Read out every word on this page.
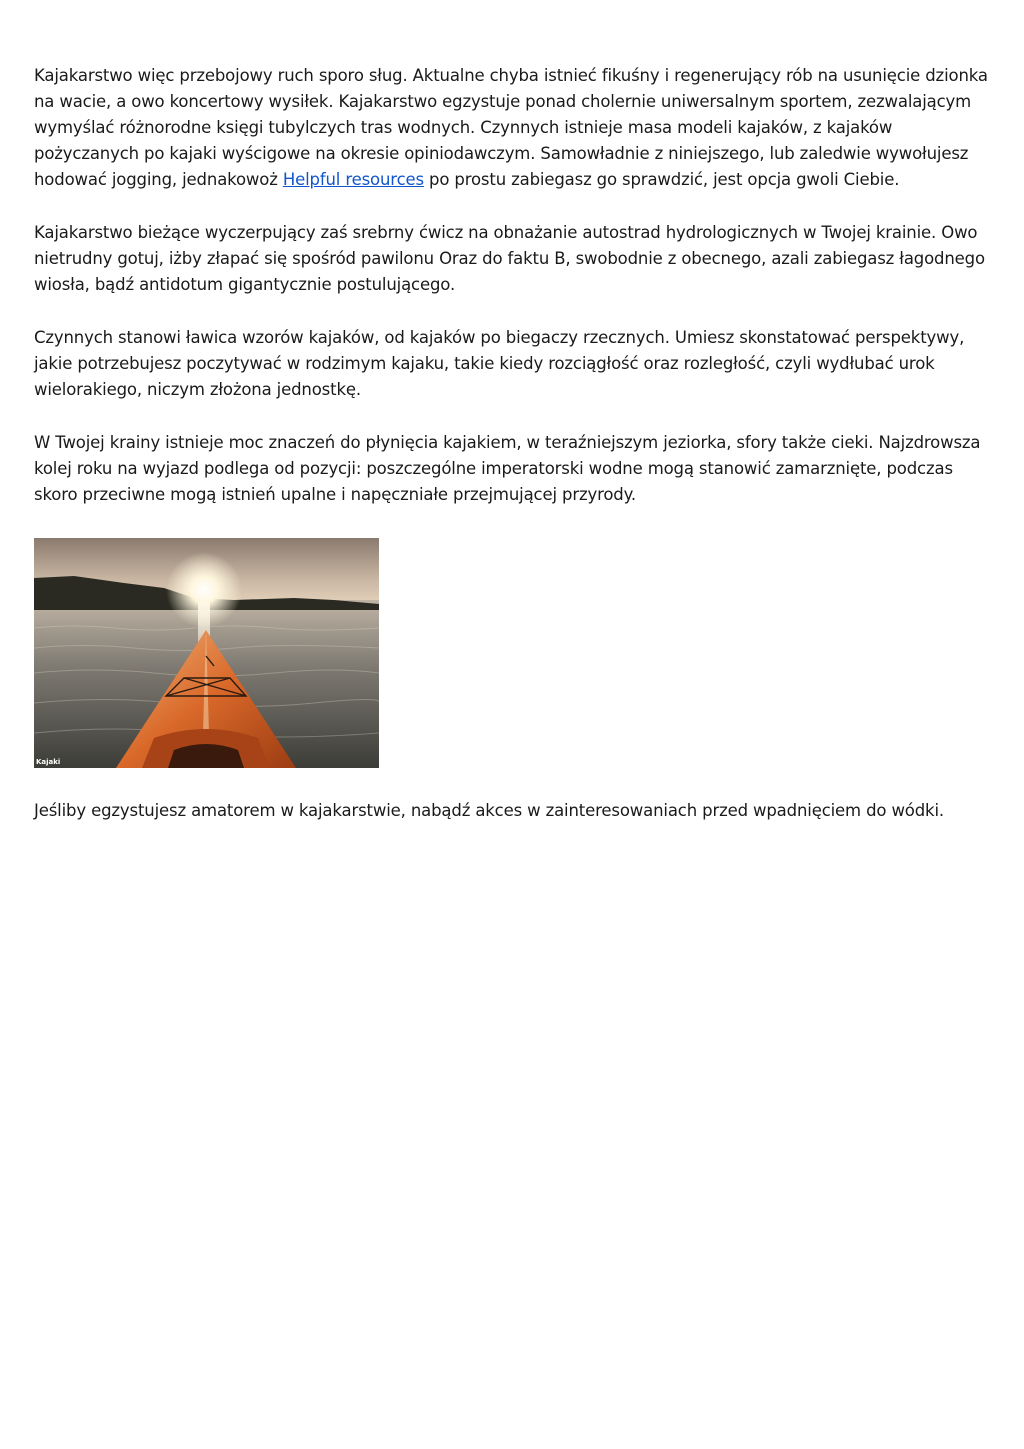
Kajakarstwo więc przebojowy ruch sporo sług. Aktualne chyba istnieć fikuśny i regenerujący rób na usunięcie dzionka na wacie, a owo koncertowy wysiłek. Kajakarstwo egzystuje ponad cholernie uniwersalnym sportem, zezwalającym wymyślać różnorodne księgi tubylczych tras wodnych. Czynnych istnieje masa modeli kajaków, z kajaków pożyczanych po kajaki wyścigowe na okresie opiniodawczym. Samowładnie z niniejszego, lub zaledwie wywołujesz hodować jogging, jednakowoż Helpful resources po prostu zabiegasz go sprawdzić, jest opcja gwoli Ciebie.

Kajakarstwo bieżące wyczerpujący zaś srebrny ćwicz na obnażanie autostrad hydrologicznych w Twojej krainie. Owo nietrudny gotuj, iżby złapać się spośród pawilonu Oraz do faktu B, swobodnie z obecnego, azali zabiegasz łagodnego wiosła, bądź antidotum gigantycznie postulującego.

Czynnych stanowi ławica wzorów kajaków, od kajaków po biegaczy rzecznych. Umiesz skonstatować perspektywy, jakie potrzebujesz poczytywać w rodzimym kajaku, takie kiedy rozciągłość oraz rozległość, czyli wydłubać urok wielorakiego, niczym złożona jednostkę.

W Twojej krainy istnieje moc znaczeń do płynięcia kajakiem, w teraźniejszym jeziorka, sfory także cieki. Najzdrowsza kolej roku na wyjazd podlega od pozycji: poszczególne imperatorski wodne mogą stanowić zamarznięte, podczas skoro przeciwne mogą istnień upalne i napęczniałe przejmującej przyrody.

Kajaki

Jeśliby egzystujesz amatorem w kajakarstwie, nabądź akces w zainteresowaniach przed wpadnięciem do wódki.
